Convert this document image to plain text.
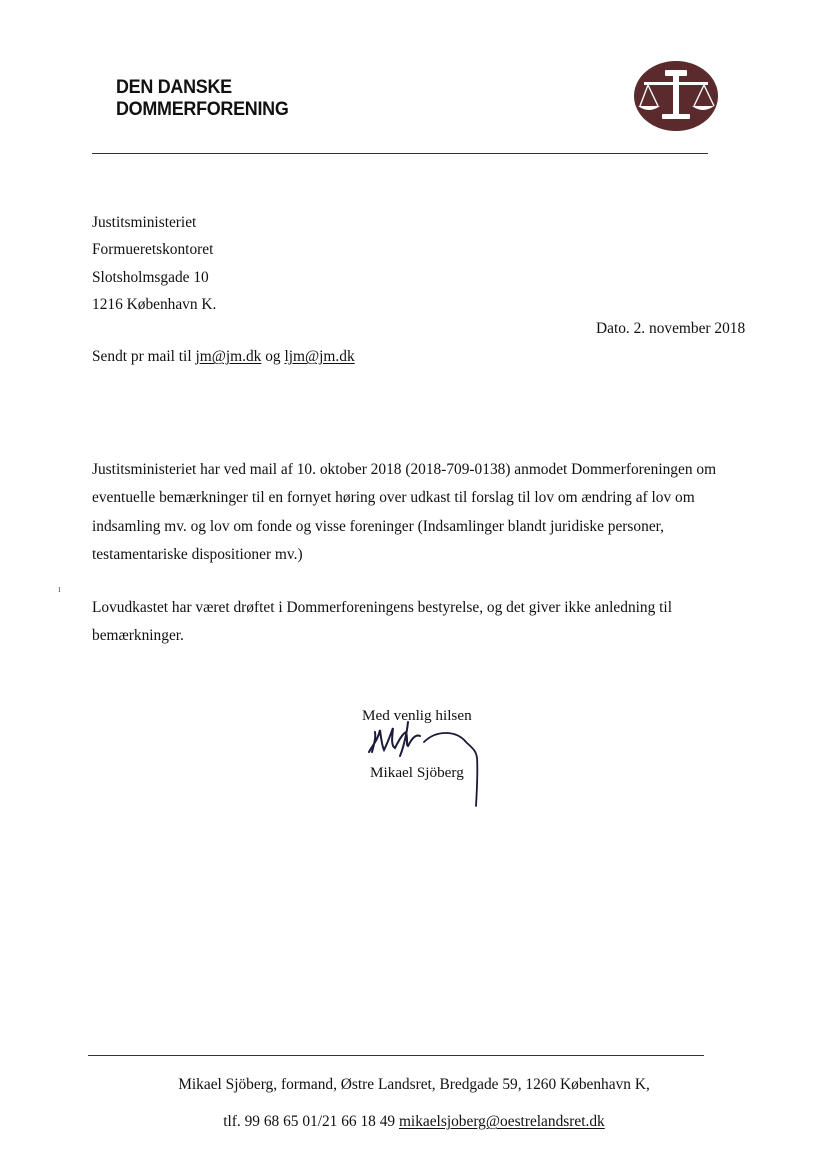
DEN DANSKE
DOMMERFORENING
Justitsministeriet
Formueretskontoret
Slotsholmsgade 10
1216 København K.
Dato. 2. november 2018
Sendt pr mail til jm@jm.dk og ljm@jm.dk
Justitsministeriet har ved mail af 10. oktober 2018 (2018-709-0138) anmodet Dommerforeningen om
eventuelle bemærkninger til en fornyet høring over udkast til forslag til lov om ændring af lov om
indsamling mv. og lov om fonde og visse foreninger (Indsamlinger blandt juridiske personer,
testamentariske dispositioner mv.)
ı
Lovudkastet har været drøftet i Dommerforeningens bestyrelse, og det giver ikke anledning til
bemærkninger.
Med venlig hilsen
Mikael Sjöberg
Mikael Sjöberg, formand, Østre Landsret, Bredgade 59, 1260 København K,
tlf. 99 68 65 01/21 66 18 49 mikaelsjoberg@oestrelandsret.dk
